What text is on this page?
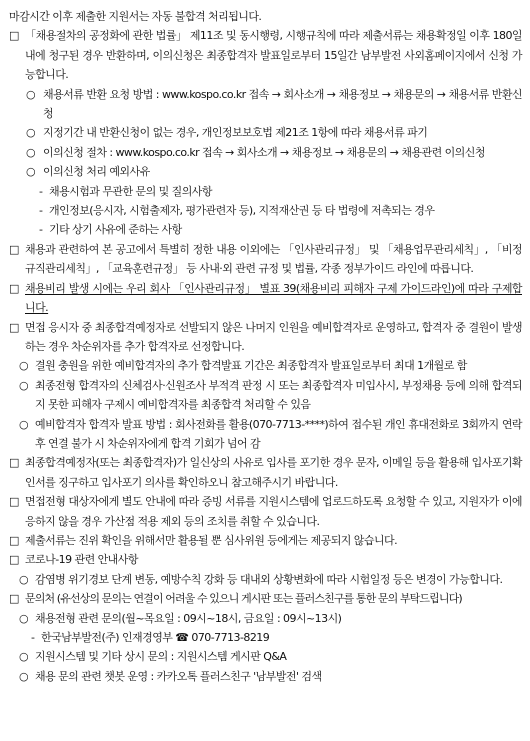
마감시간 이후 제출한 지원서는 자동 불합격 처리됩니다.
□ 「채용절차의 공정화에 관한 법률」 제11조 및 동시행령, 시행규칙에 따라 제출서류는 채용확정일 이후 180일 내에 청구된 경우 반환하며, 이의신청은 최종합격자 발표일로부터 15일간 남부발전 사외홈페이지에서 신청 가능합니다.
○ 채용서류 반환 요청 방법 : www.kospo.co.kr 접속 → 회사소개 → 채용정보 → 채용문의 → 채용서류 반환신청
○ 지정기간 내 반환신청이 없는 경우, 개인정보보호법 제21조 1항에 따라 채용서류 파기
○ 이의신청 절차 : www.kospo.co.kr 접속 → 회사소개 → 채용정보 → 채용문의 → 채용관련 이의신청
○ 이의신청 처리 예외사유
- 채용시험과 무관한 문의 및 질의사항
- 개인정보(응시자, 시험출제자, 평가관련자 등), 지적재산권 등 타 법령에 저촉되는 경우
- 기타 상기 사유에 준하는 사항
□ 채용과 관련하여 본 공고에서 특별히 정한 내용 이외에는 「인사관리규정」 및 「채용업무관리세칙」, 「비정규직관리세칙」, 「교육훈련규정」 등 사내·외 관련 규정 및 법률, 각종 정부가이드 라인에 따릅니다.
□ 채용비리 발생 시에는 우리 회사 「인사관리규정」 별표 39(채용비리 피해자 구제 가이드라인)에 따라 구제합니다.
□ 면접 응시자 중 최종합격예정자로 선발되지 않은 나머지 인원을 예비합격자로 운영하고, 합격자 중 결원이 발생하는 경우 차순위자를 추가 합격자로 선정합니다.
○ 결원 충원을 위한 예비합격자의 추가 합격발표 기간은 최종합격자 발표일로부터 최대 1개월로 함
○ 최종전형 합격자의 신체검사·신원조사 부적격 판정 시 또는 최종합격자 미입사시, 부정채용 등에 의해 합격되지 못한 피해자 구제시 예비합격자를 최종합격 처리할 수 있음
○ 예비합격자 합격자 발표 방법 : 회사전화를 활용(070-7713-****)하여 접수된 개인 휴대전화로 3회까지 연락 후 연결 불가 시 차순위자에게 합격 기회가 넘어 감
□ 최종합격예정자(또는 최종합격자)가 일신상의 사유로 입사를 포기한 경우 문자, 이메일 등을 활용해 입사포기확인서를 징구하고 입사포기 의사를 확인하오니 참고해주시기 바랍니다.
□ 면접전형 대상자에게 별도 안내에 따라 증빙 서류를 지원시스템에 업로드하도록 요청할 수 있고, 지원자가 이에 응하지 않을 경우 가산점 적용 제외 등의 조치를 취할 수 있습니다.
□ 제출서류는 진위 확인을 위해서만 활용될 뿐 심사위원 등에게는 제공되지 않습니다.
□ 코로나-19 관련 안내사항
○ 감염병 위기경보 단계 변동, 예방수칙 강화 등 대내외 상황변화에 따라 시험일정 등은 변경이 가능합니다.
□ 문의처 (유선상의 문의는 연결이 어려울 수 있으니 게시판 또는 플러스친구를 통한 문의 부탁드립니다)
○ 채용전형 관련 문의(월~목요일 : 09시~18시, 금요일 : 09시~13시)
- 한국남부발전(주) 인재경영부 ☎ 070-7713-8219
○ 지원시스템 및 기타 상시 문의 : 지원시스템 게시판 Q&A
○ 채용 문의 관련 챗봇 운영 : 카카오톡 플러스친구 '남부발전' 검색
